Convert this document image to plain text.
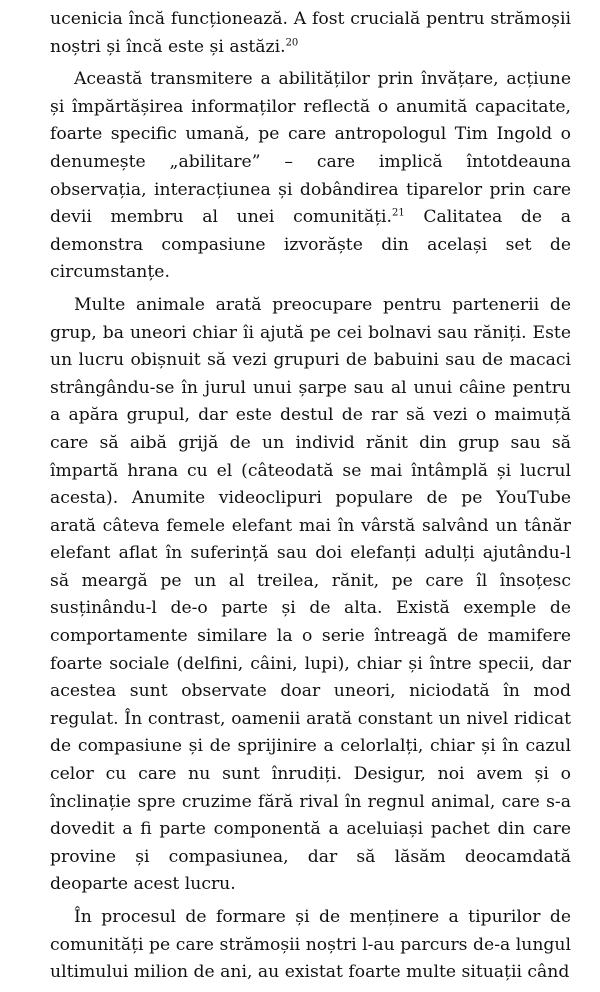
ucenicia încă funcționează. A fost crucială pentru strămoșii noștri și încă este și astăzi.$^{20}$

Această transmitere a abilităților prin învățare, acțiune și împărtășirea informaților reflectă o anumită capacitate, foarte specific umană, pe care antropologul Tim Ingold o denumește „abilitare” – care implică întotdeauna observația, interacțiunea și dobândirea tiparelor prin care devii membru al unei comunități.$^{21}$ Calitatea de a demonstra compasiune izvorăște din același set de circumstanțe.

Multe animale arată preocupare pentru partenerii de grup, ba uneori chiar îi ajută pe cei bolnavi sau răniți. Este un lucru obișnuit să vezi grupuri de babuini sau de macaci strângându-se în jurul unui șarpe sau al unui câine pentru a apăra grupul, dar este destul de rar să vezi o maimuță care să aibă grijă de un individ rănit din grup sau să împartă hrana cu el (câteodată se mai întâmplă și lucrul acesta). Anumite videoclipuri populare de pe YouTube arată câteva femele elefant mai în vârstă salvând un tânăr elefant aflat în suferință sau doi elefanți adulți ajutându-l să meargă pe un al treilea, rănit, pe care îl însoțesc susținându-l de-o parte și de alta. Există exemple de comportamente similare la o serie întreagă de mamifere foarte sociale (delfini, câini, lupi), chiar și între specii, dar acestea sunt observate doar uneori, niciodată în mod regulat. În contrast, oamenii arată constant un nivel ridicat de compasiune și de sprijinire a celorlalți, chiar și în cazul celor cu care nu sunt înrudiți. Desigur, noi avem și o înclinație spre cruzime fără rival în regnul animal, care s-a dovedit a fi parte componentă a aceluiași pachet din care provine și compasiunea, dar să lăsăm deocamdată deoparte acest lucru.

În procesul de formare și de menținere a tipurilor de comunități pe care strămoșii noștri l-au parcurs de-a lungul ultimului milion de ani, au existat foarte multe situații când
